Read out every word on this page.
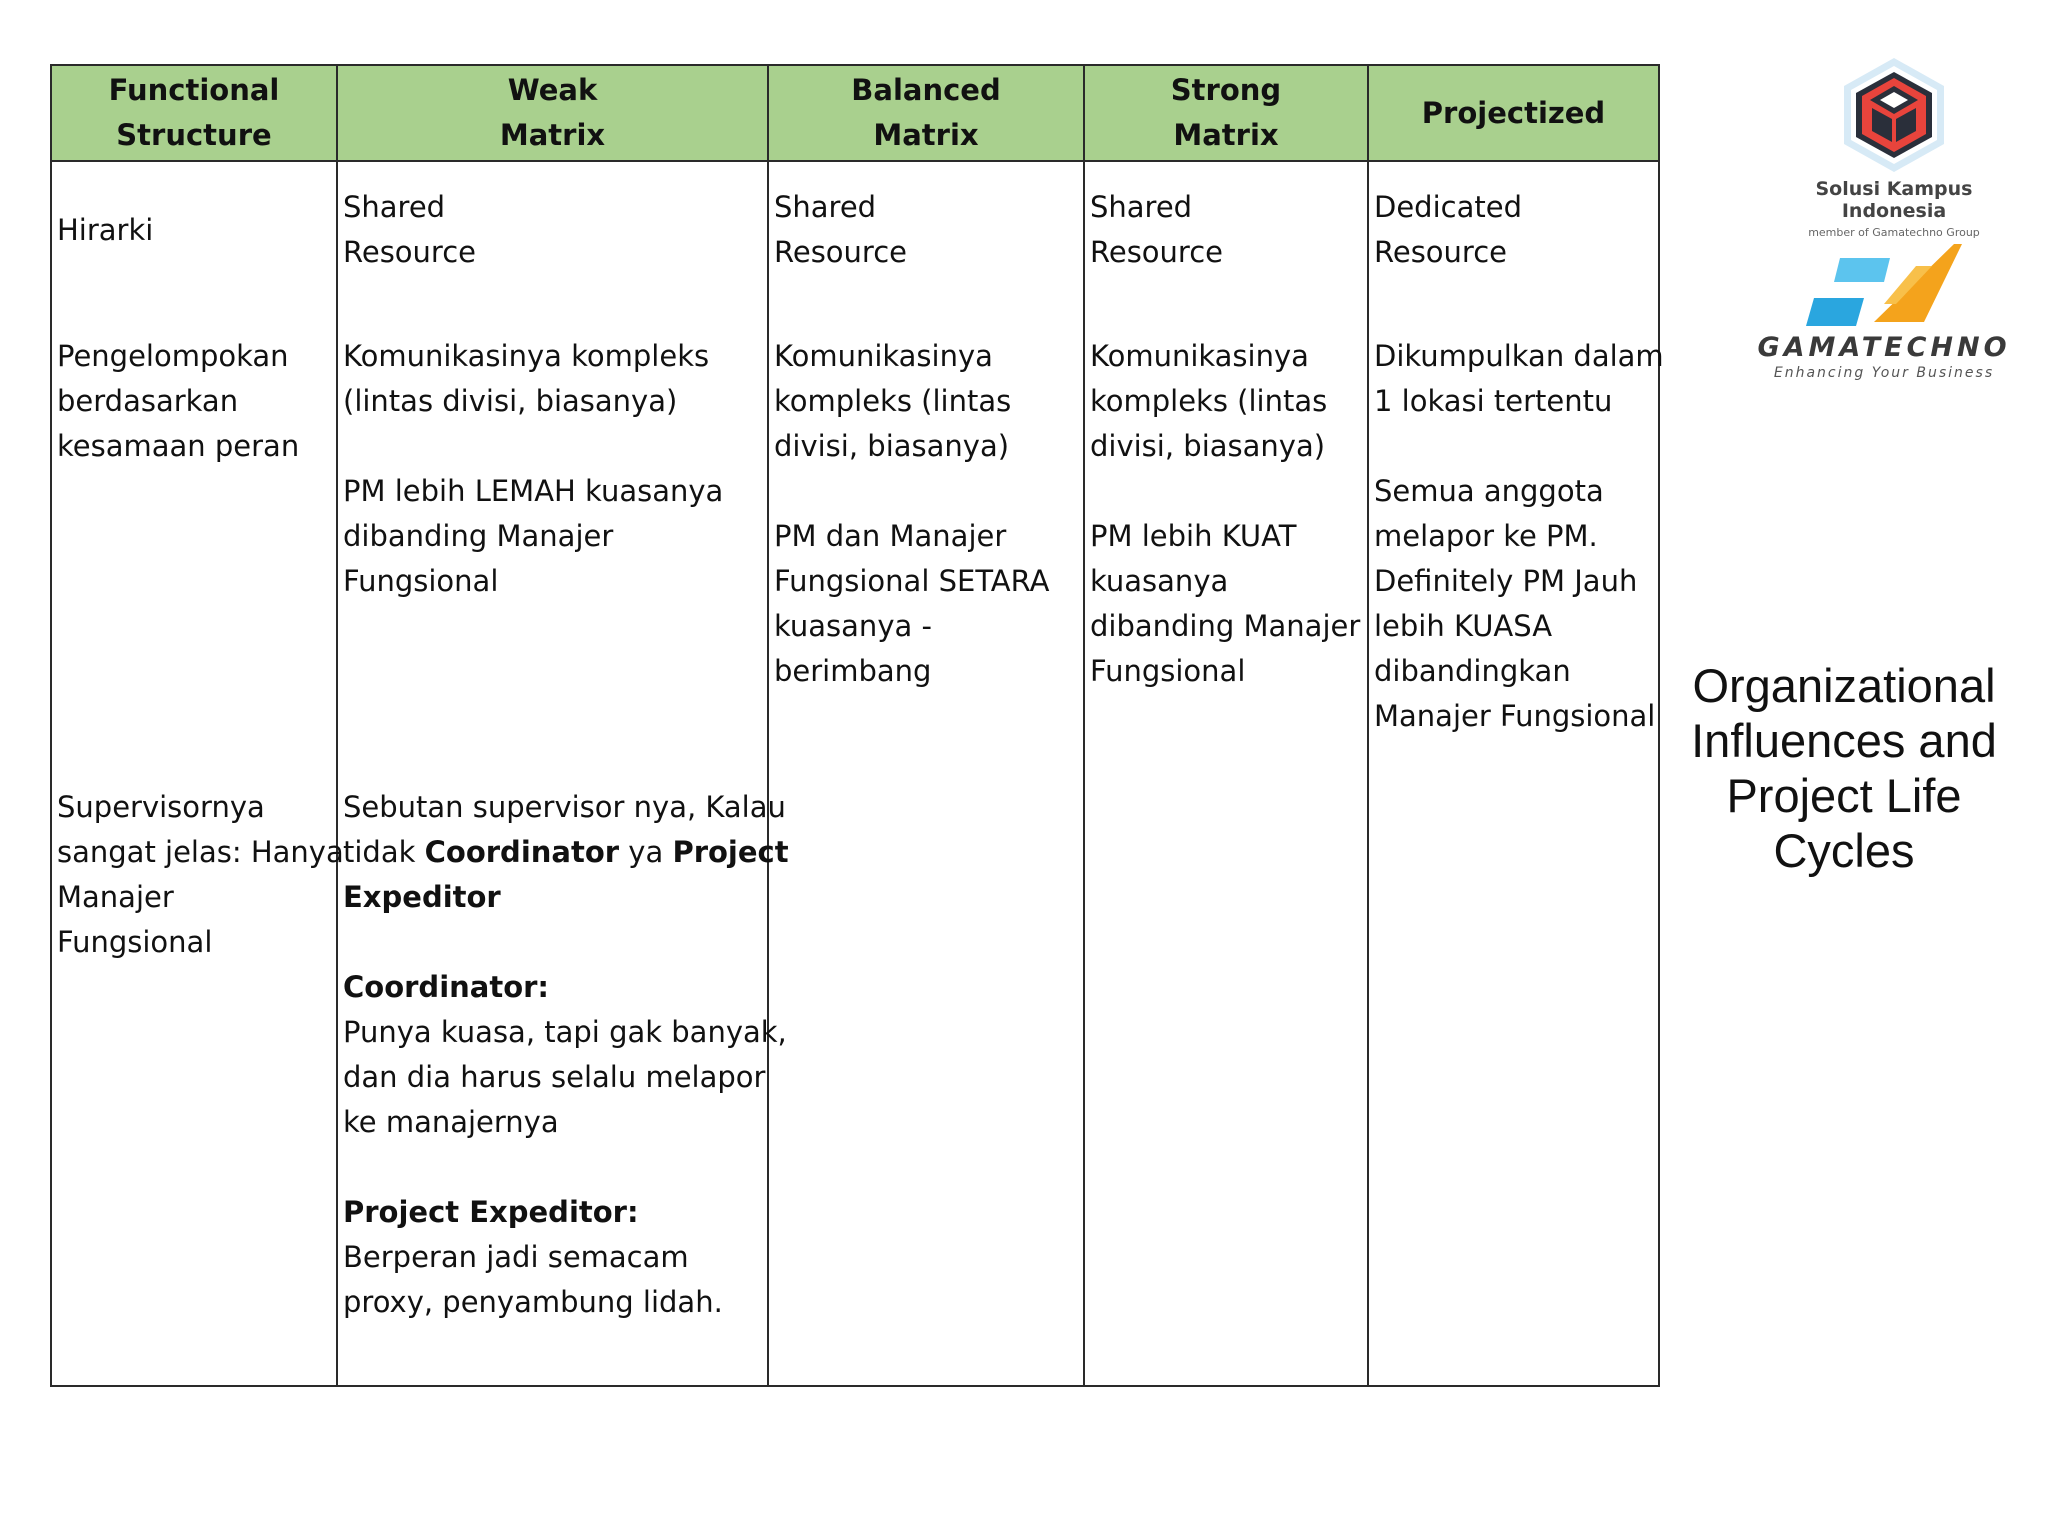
Functional
Structure
Hirarki
Pengelompokan
berdasarkan
kesamaan peran
Supervisornya
sangat jelas: Hanya
Manajer
Fungsional
Weak
Matrix
Shared
Resource
Komunikasinya kompleks
(lintas divisi, biasanya)
PM lebih LEMAH kuasanya
dibanding Manajer
Fungsional
Sebutan supervisor nya, Kalau
tidak Coordinator ya Project
Expeditor
Coordinator:
Punya kuasa, tapi gak banyak,
dan dia harus selalu melapor
ke manajernya
Project Expeditor:
Berperan jadi semacam
proxy, penyambung lidah.
Balanced
Matrix
Shared
Resource
Komunikasinya
kompleks (lintas
divisi, biasanya)
PM dan Manajer
Fungsional SETARA
kuasanya -
berimbang
Strong
Matrix
Shared
Resource
Komunikasinya
kompleks (lintas
divisi, biasanya)
PM lebih KUAT
kuasanya
dibanding Manajer
Fungsional
Projectized
Dedicated
Resource
Dikumpulkan dalam
1 lokasi tertentu
Semua anggota
melapor ke PM.
Definitely PM Jauh
lebih KUASA
dibandingkan
Manajer Fungsional
Solusi Kampus Indonesia
member of Gamatechno Group
GAMATECHNO
Enhancing Your Business
Organizational
Influences and
Project Life
Cycles
